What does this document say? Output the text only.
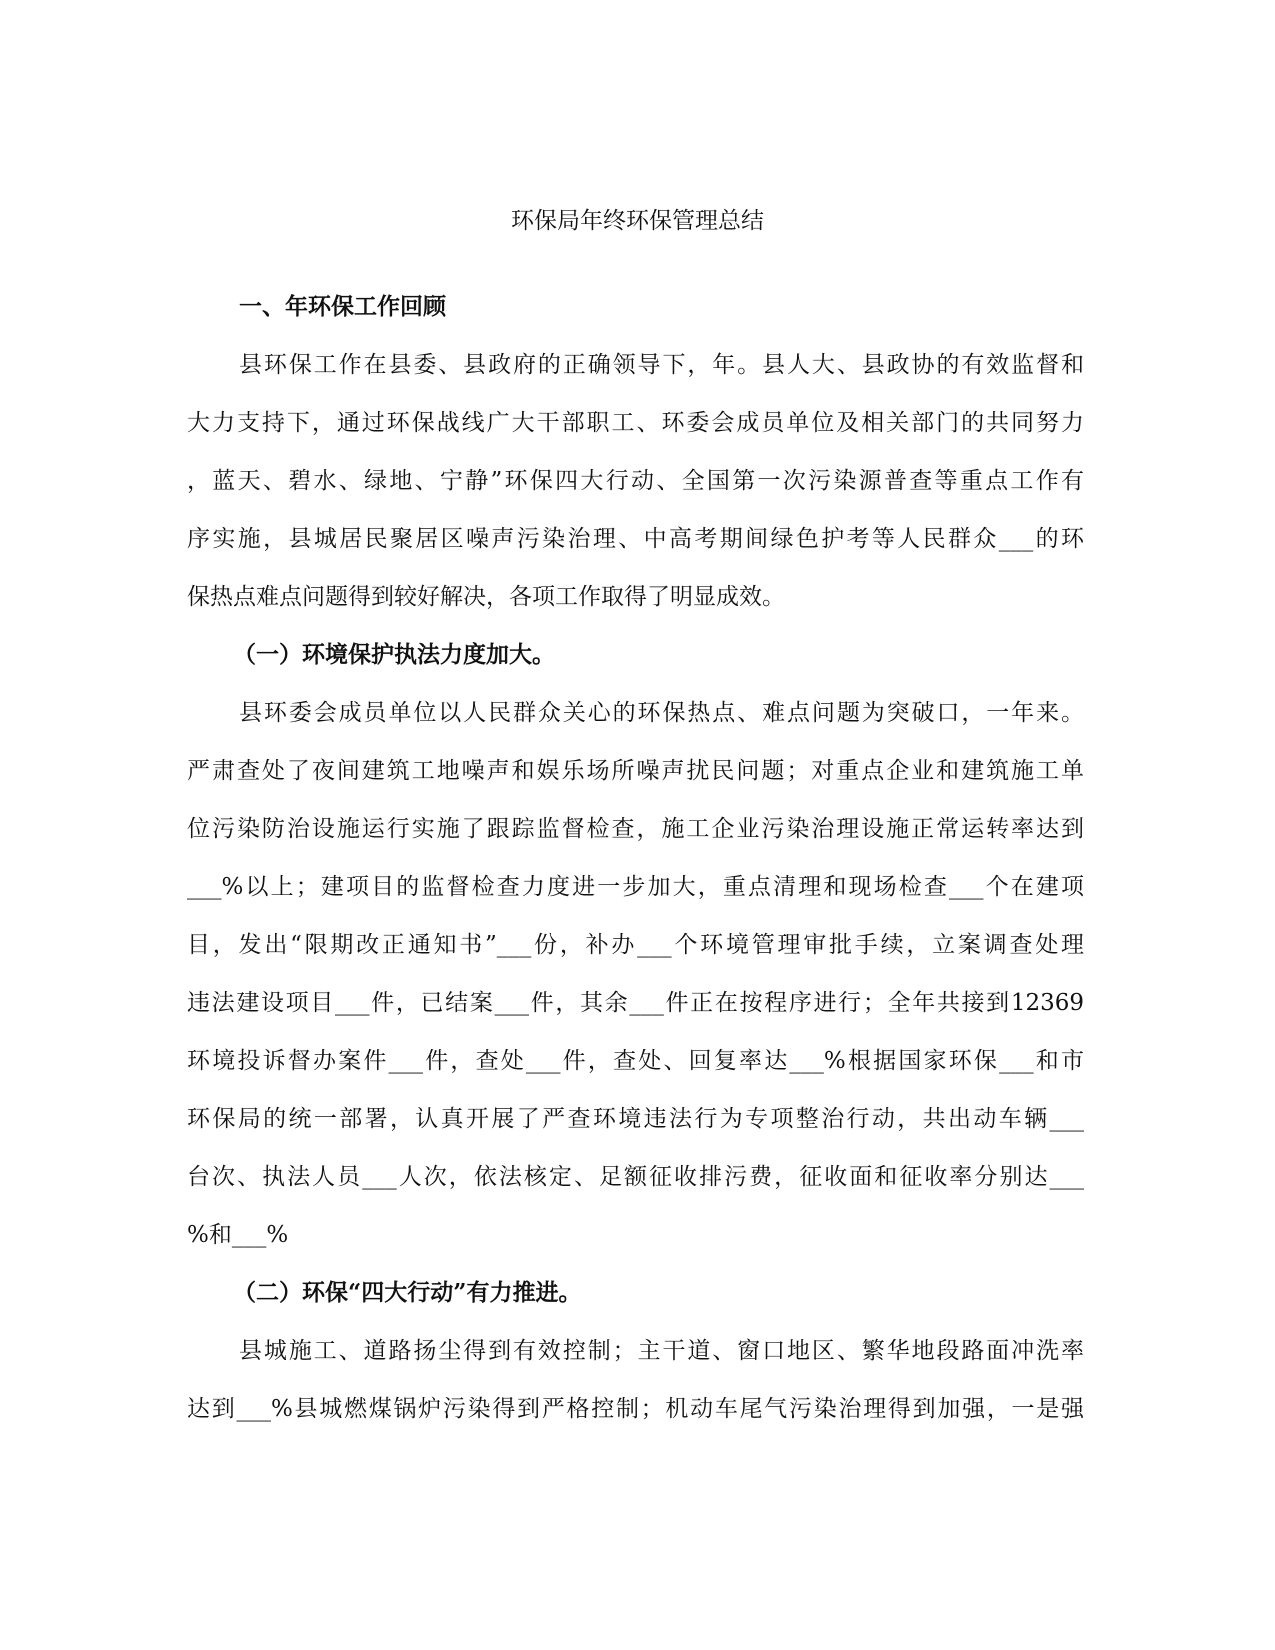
环保局年终环保管理总结
一、年环保工作回顾

县环保工作在县委、县政府的正确领导下，年。县人大、县政协的有效监督和
大力支持下，通过环保战线广大干部职工、环委会成员单位及相关部门的共同努力
，蓝天、碧水、绿地、宁静”环保四大行动、全国第一次污染源普查等重点工作有
序实施，县城居民聚居区噪声污染治理、中高考期间绿色护考等人民群众___的环
保热点难点问题得到较好解决，各项工作取得了明显成效。

（一）环境保护执法力度加大。

县环委会成员单位以人民群众关心的环保热点、难点问题为突破口，一年来。
严肃查处了夜间建筑工地噪声和娱乐场所噪声扰民问题；对重点企业和建筑施工单
位污染防治设施运行实施了跟踪监督检查，施工企业污染治理设施正常运转率达到
___%以上；建项目的监督检查力度进一步加大，重点清理和现场检查___个在建项
目，发出“限期改正通知书”___份，补办___个环境管理审批手续，立案调查处理
违法建设项目___件，已结案___件，其余___件正在按程序进行；全年共接到12369
环境投诉督办案件___件，查处___件，查处、回复率达___%根据国家环保___和市
环保局的统一部署，认真开展了严查环境违法行为专项整治行动，共出动车辆___
台次、执法人员___人次，依法核定、足额征收排污费，征收面和征收率分别达___
%和___%

（二）环保“四大行动”有力推进。

县城施工、道路扬尘得到有效控制；主干道、窗口地区、繁华地段路面冲洗率
达到___%县城燃煤锅炉污染得到严格控制；机动车尾气污染治理得到加强，一是强
